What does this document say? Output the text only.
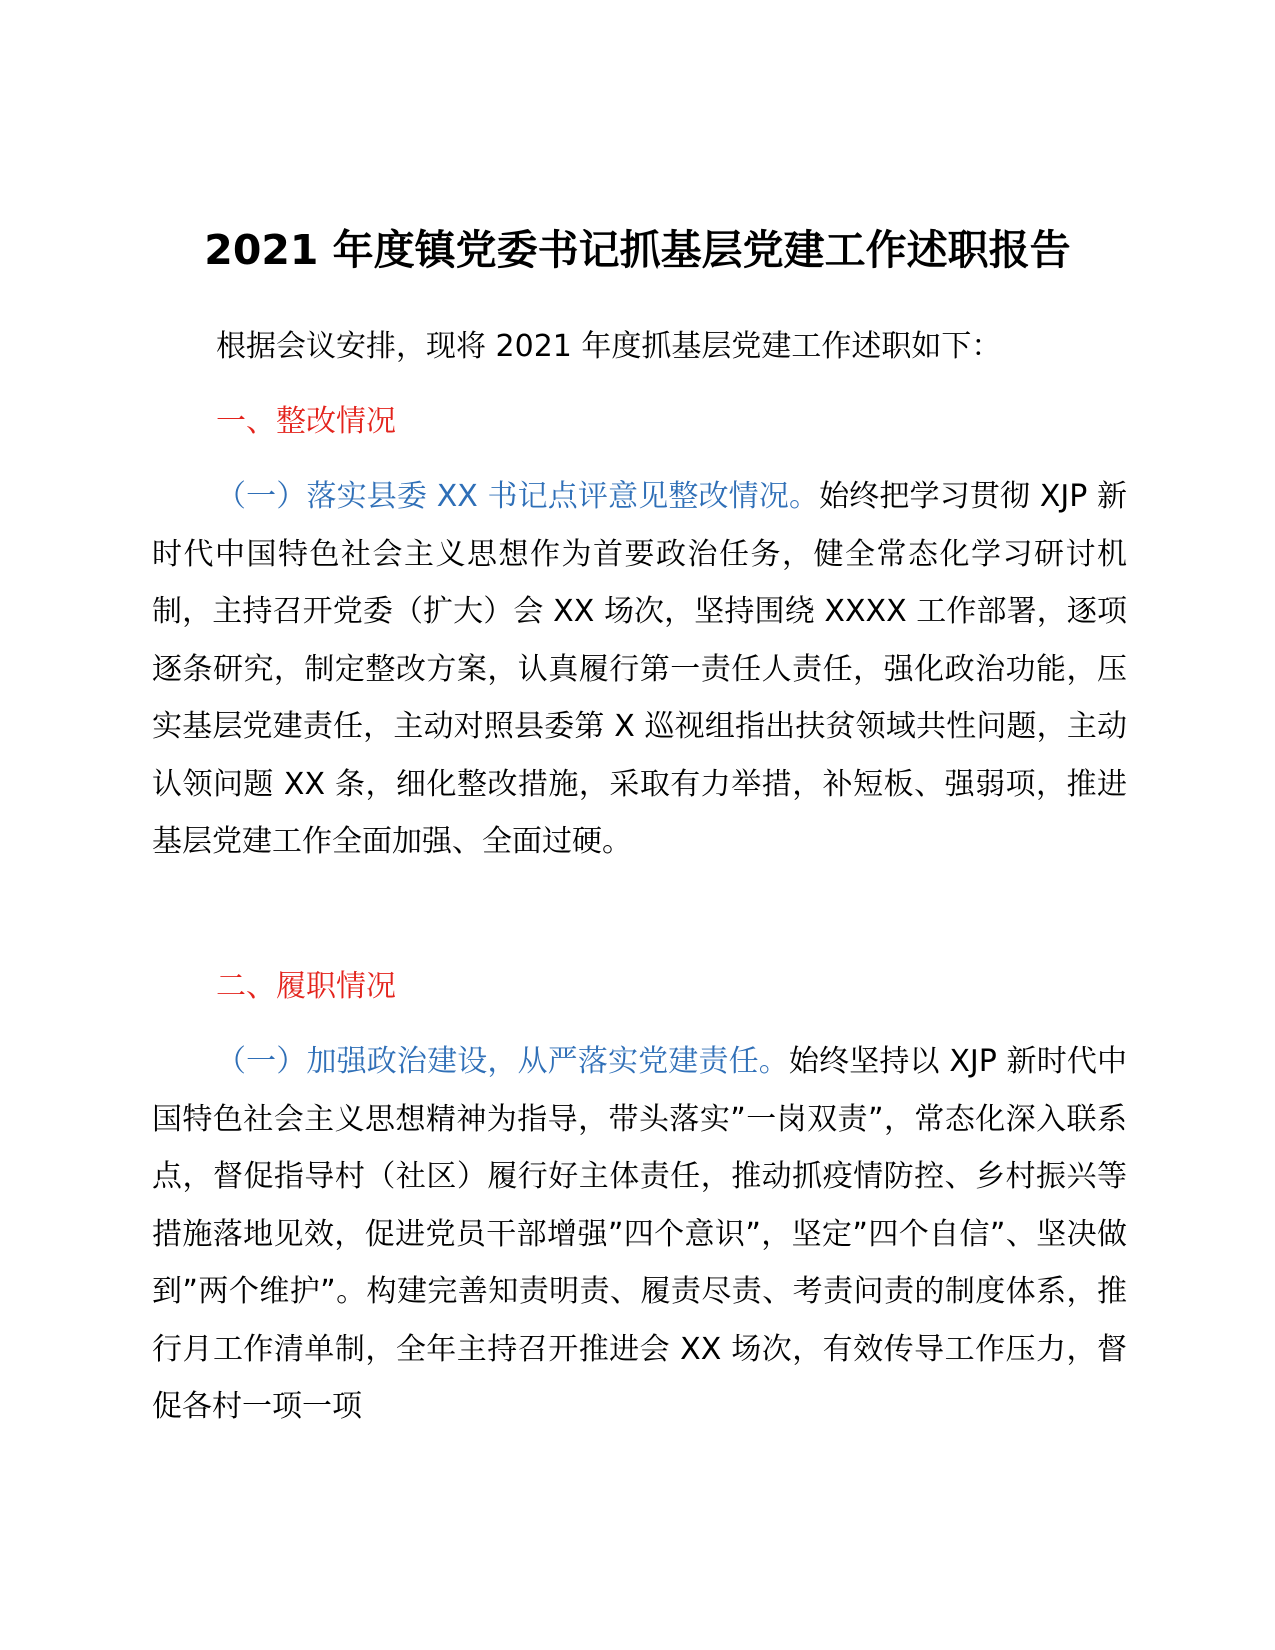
2021 年度镇党委书记抓基层党建工作述职报告
根据会议安排，现将 2021 年度抓基层党建工作述职如下：
一、整改情况
（一）落实县委 XX 书记点评意见整改情况。始终把学习贯彻 XJP 新时代中国特色社会主义思想作为首要政治任务，健全常态化学习研讨机制，主持召开党委（扩大）会 XX 场次，坚持围绕 XXXX 工作部署，逐项逐条研究，制定整改方案，认真履行第一责任人责任，强化政治功能，压实基层党建责任，主动对照县委第 X 巡视组指出扶贫领域共性问题，主动认领问题 XX 条，细化整改措施，采取有力举措，补短板、强弱项，推进基层党建工作全面加强、全面过硬。
二、履职情况
（一）加强政治建设，从严落实党建责任。始终坚持以 XJP 新时代中国特色社会主义思想精神为指导，带头落实”一岗双责”，常态化深入联系点，督促指导村（社区）履行好主体责任，推动抓疫情防控、乡村振兴等措施落地见效，促进党员干部增强”四个意识”，坚定”四个自信”、坚决做到”两个维护”。构建完善知责明责、履责尽责、考责问责的制度体系，推行月工作清单制，全年主持召开推进会 XX 场次，有效传导工作压力，督促各村一项一项
